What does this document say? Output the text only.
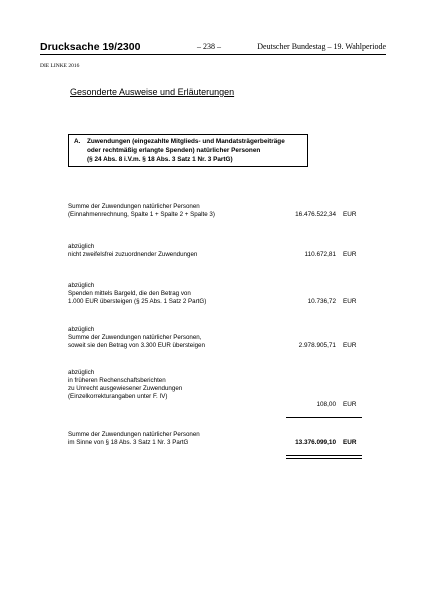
Drucksache 19/2300	– 238 –	Deutscher Bundestag – 19. Wahlperiode
DIE LINKE 2016
Gesonderte Ausweise und Erläuterungen
A. Zuwendungen (eingezahlte Mitglieds- und Mandatsträgerbeiträge
oder rechtmäßig erlangte Spenden) natürlicher Personen
(§ 24 Abs. 8 i.V.m. § 18 Abs. 3 Satz 1 Nr. 3 PartG)
Summe der Zuwendungen natürlicher Personen
(Einnahmenrechnung, Spalte 1 + Spalte 2 + Spalte 3)	16.476.522,34 EUR
abzüglich
nicht zweifelsfrei zuzuordnender Zuwendungen	110.672,81 EUR
abzüglich
Spenden mittels Bargeld, die den Betrag von
1.000 EUR übersteigen (§ 25 Abs. 1 Satz 2 PartG)	10.736,72 EUR
abzüglich
Summe der Zuwendungen natürlicher Personen,
soweit sie den Betrag von 3.300 EUR übersteigen	2.978.905,71 EUR
abzüglich
in früheren Rechenschaftsberichten
zu Unrecht ausgewiesener Zuwendungen
(Einzelkorrekturangaben unter F. IV)
108,00 EUR
Summe der Zuwendungen natürlicher Personen
im Sinne von § 18 Abs. 3 Satz 1 Nr. 3 PartG	13.376.099,10 EUR
